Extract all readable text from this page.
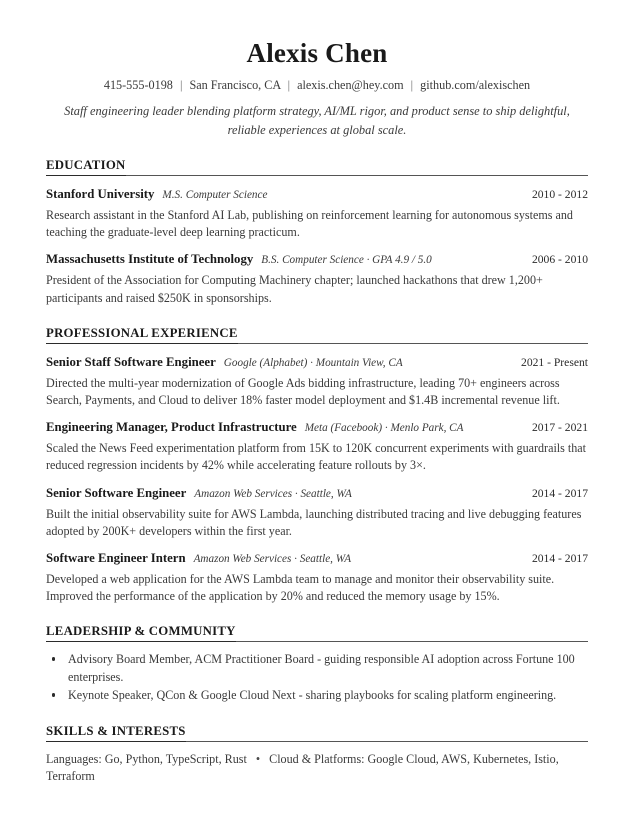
Alexis Chen
415-555-0198 | San Francisco, CA | alexis.chen@hey.com | github.com/alexischen
Staff engineering leader blending platform strategy, AI/ML rigor, and product sense to ship delightful, reliable experiences at global scale.
EDUCATION
Stanford University M.S. Computer Science	2010 - 2012
Research assistant in the Stanford AI Lab, publishing on reinforcement learning for autonomous systems and teaching the graduate-level deep learning practicum.
Massachusetts Institute of Technology B.S. Computer Science · GPA 4.9 / 5.0	2006 - 2010
President of the Association for Computing Machinery chapter; launched hackathons that drew 1,200+ participants and raised $250K in sponsorships.
PROFESSIONAL EXPERIENCE
Senior Staff Software Engineer Google (Alphabet) · Mountain View, CA	2021 - Present
Directed the multi-year modernization of Google Ads bidding infrastructure, leading 70+ engineers across Search, Payments, and Cloud to deliver 18% faster model deployment and $1.4B incremental revenue lift.
Engineering Manager, Product Infrastructure Meta (Facebook) · Menlo Park, CA	2017 - 2021
Scaled the News Feed experimentation platform from 15K to 120K concurrent experiments with guardrails that reduced regression incidents by 42% while accelerating feature rollouts by 3×.
Senior Software Engineer Amazon Web Services · Seattle, WA	2014 - 2017
Built the initial observability suite for AWS Lambda, launching distributed tracing and live debugging features adopted by 200K+ developers within the first year.
Software Engineer Intern Amazon Web Services · Seattle, WA	2014 - 2017
Developed a web application for the AWS Lambda team to manage and monitor their observability suite. Improved the performance of the application by 20% and reduced the memory usage by 15%.
LEADERSHIP & COMMUNITY
Advisory Board Member, ACM Practitioner Board - guiding responsible AI adoption across Fortune 100 enterprises.
Keynote Speaker, QCon & Google Cloud Next - sharing playbooks for scaling platform engineering.
SKILLS & INTERESTS
Languages: Go, Python, TypeScript, Rust • Cloud & Platforms: Google Cloud, AWS, Kubernetes, Istio, Terraform
